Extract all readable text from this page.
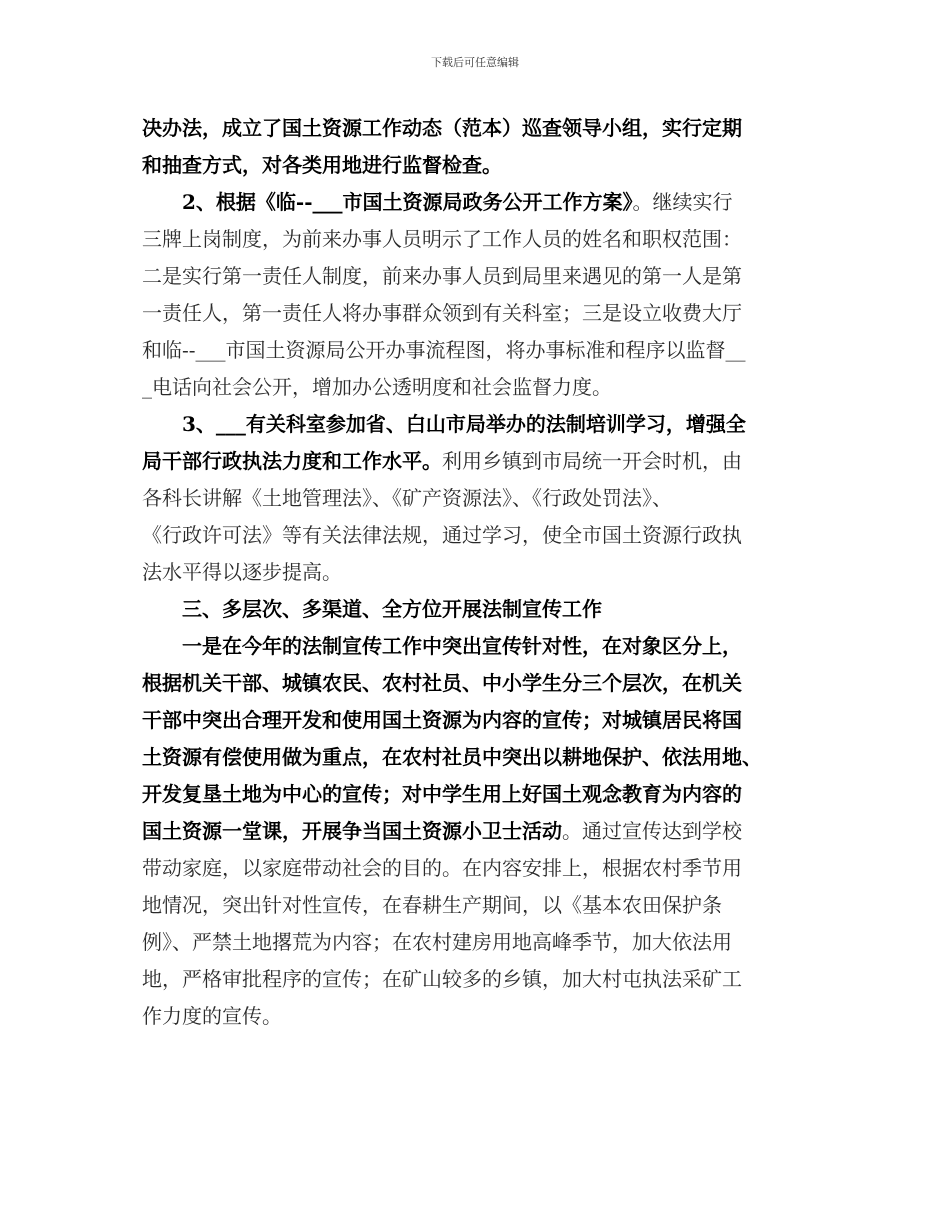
下载后可任意编辑
决办法，成立了国土资源工作动态（范本）巡查领导小组，实行定期
和抽查方式，对各类用地进行监督检查。
　　2、根据《临--___市国土资源局政务公开工作方案》。继续实行
三牌上岗制度，为前来办事人员明示了工作人员的姓名和职权范围：
二是实行第一责任人制度，前来办事人员到局里来遇见的第一人是第
一责任人，第一责任人将办事群众领到有关科室；三是设立收费大厅
和临--___市国土资源局公开办事流程图，将办事标准和程序以监督__
_电话向社会公开，增加办公透明度和社会监督力度。
　　3、___有关科室参加省、白山市局举办的法制培训学习，增强全
局干部行政执法力度和工作水平。利用乡镇到市局统一开会时机，由
各科长讲解《土地管理法》、《矿产资源法》、《行政处罚法》、
《行政许可法》等有关法律法规，通过学习，使全市国土资源行政执
法水平得以逐步提高。
　　三、多层次、多渠道、全方位开展法制宣传工作
　　一是在今年的法制宣传工作中突出宣传针对性，在对象区分上，
根据机关干部、城镇农民、农村社员、中小学生分三个层次，在机关
干部中突出合理开发和使用国土资源为内容的宣传；对城镇居民将国
土资源有偿使用做为重点，在农村社员中突出以耕地保护、依法用地、
开发复垦土地为中心的宣传；对中学生用上好国土观念教育为内容的
国土资源一堂课，开展争当国土资源小卫士活动。通过宣传达到学校
带动家庭，以家庭带动社会的目的。在内容安排上，根据农村季节用
地情况，突出针对性宣传，在春耕生产期间，以《基本农田保护条
例》、严禁土地撂荒为内容；在农村建房用地高峰季节，加大依法用
地，严格审批程序的宣传；在矿山较多的乡镇，加大村屯执法采矿工
作力度的宣传。
